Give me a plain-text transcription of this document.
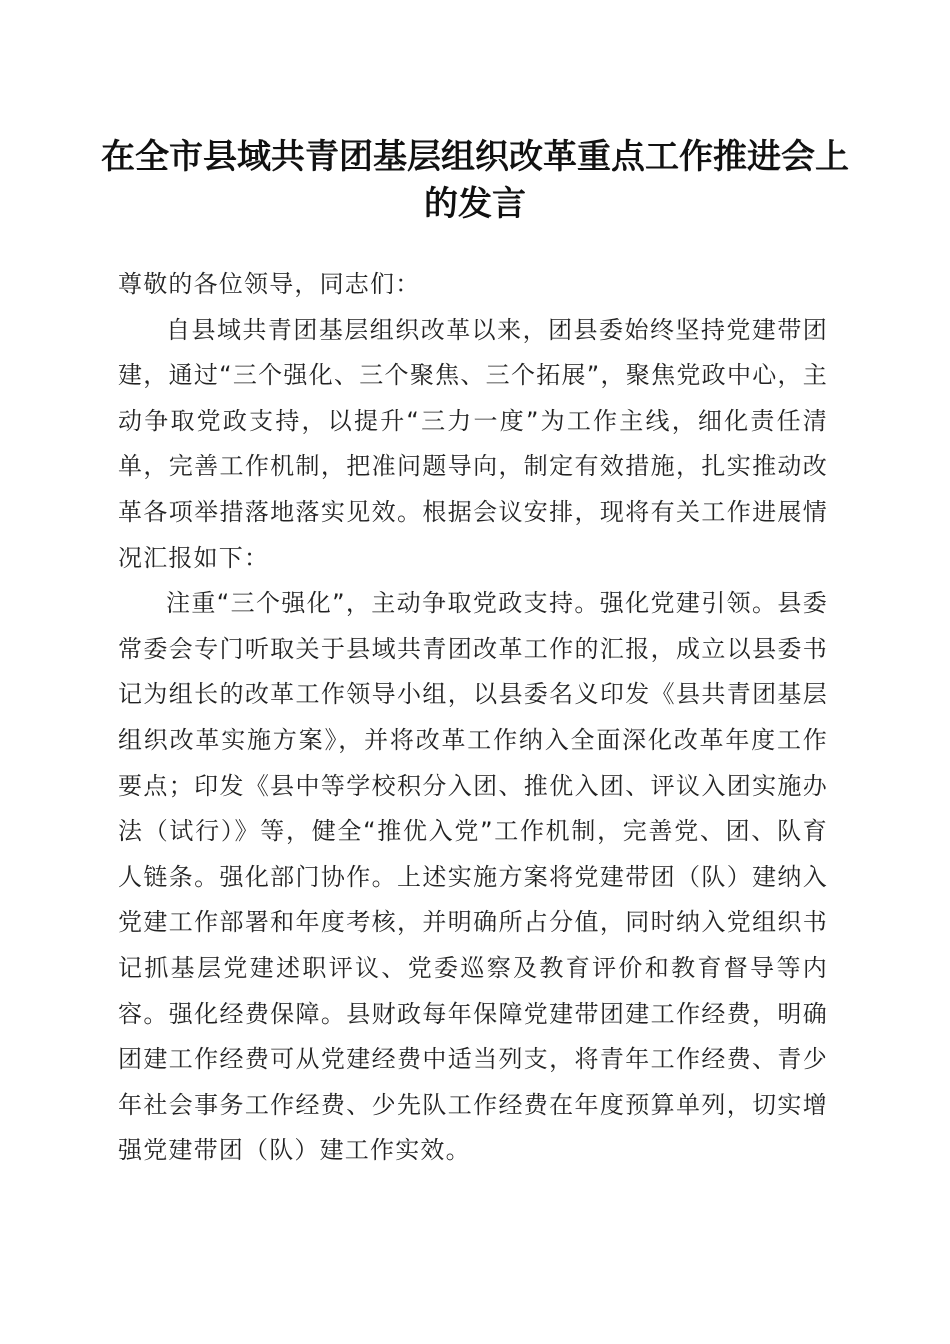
在全市县域共青团基层组织改革重点工作推进会上的发言

尊敬的各位领导，同志们：

自县域共青团基层组织改革以来，团县委始终坚持党建带团建，通过“三个强化、三个聚焦、三个拓展”，聚焦党政中心，主动争取党政支持，以提升“三力一度”为工作主线，细化责任清单，完善工作机制，把准问题导向，制定有效措施，扎实推动改革各项举措落地落实见效。根据会议安排，现将有关工作进展情况汇报如下：

注重“三个强化”，主动争取党政支持。强化党建引领。县委常委会专门听取关于县域共青团改革工作的汇报，成立以县委书记为组长的改革工作领导小组，以县委名义印发《县共青团基层组织改革实施方案》，并将改革工作纳入全面深化改革年度工作要点；印发《县中等学校积分入团、推优入团、评议入团实施办法（试行）》等，健全“推优入党”工作机制，完善党、团、队育人链条。强化部门协作。上述实施方案将党建带团（队）建纳入党建工作部署和年度考核，并明确所占分值，同时纳入党组织书记抓基层党建述职评议、党委巡察及教育评价和教育督导等内容。强化经费保障。县财政每年保障党建带团建工作经费，明确团建工作经费可从党建经费中适当列支，将青年工作经费、青少年社会事务工作经费、少先队工作经费在年度预算单列，切实增强党建带团（队）建工作实效。
